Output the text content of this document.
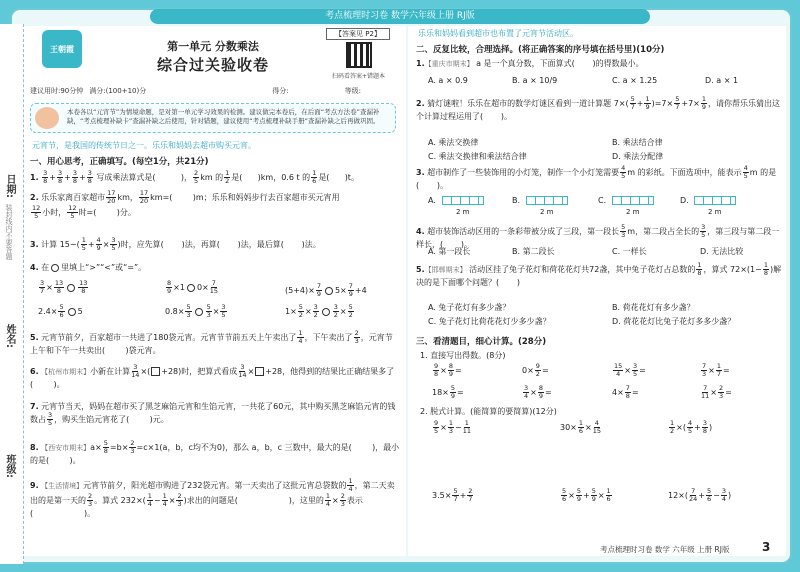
考点梳理时习卷 数学六年级上册 RJ版
日期:
装封线内不要答题
姓名:
班级:
王朝霞
【答案见 P2】
第一单元 分数乘法
综合过关验收卷
扫码看答案+错题本
建议用时:90分钟 满分:(100+10)分	得分:	等级:
本卷各以“元宵节”为情境命题，是对第一单元学习效果的检测。建议做完本卷后，在后面“考点方法卷”查漏补缺，“考点梳理补缺卡”查漏补缺之后使用，针对错题，建议使用“考点梳理补缺手册”查漏补缺之后再做巩固。
元宵节，是我国的传统节日之一。乐乐和妈妈去超市购买元宵。
一、用心思考，正确填写。(每空1分，共21分)
1. $\frac{3}{8} + \frac{3}{8} + \frac{3}{8} + \frac{3}{8}$ 写成乘法算式是(          )， $\frac{2}{5}$ km 的 $\frac{1}{2}$ 是(      )km，0.6 t 的 $\frac{1}{6}$ 是(      )t。
2. 乐乐家离百家超市 $\frac{17}{20}$ km， $\frac{17}{20} km=$(        )m；乐乐和妈妈步行去百家超市买元宵用

$\frac{12}{5}$ 小时， $\frac{12}{5}$ 时=(        )分。
3. 计算 $15-( \frac{1}{5} + \frac{4}{9} \times \frac{3}{5}$ )时，应先算(       )法，再算(       )法，最后算(       )法。
4. 在 里填上“>”“<”或“=”。
$\frac{3}{7} \times \frac{13}{8} \frac{13}{8}$	$\frac{8}{9} \times 1$ $0\times \frac{7}{15}$	$(5+4)\times \frac{7}{9} 5\times \frac{7}{9} +4$
$2.4\times \frac{5}{6} 5$	$0.8\times \frac{5}{3} \frac{5}{3} \times \frac{3}{5}$	$1\times \frac{5}{2} \times \frac{3}{2} \frac{3}{2} \times \frac{5}{2}$
5. 元宵节前夕，百家超市一共进了180袋元宵。元宵节节前五天上午卖出了 $\frac{1}{4}$ ，下午卖出了 $\frac{2}{3}$ ，元宵节上午和下午一共卖出(        )袋元宵。
6. 【杭州市期末】小新在计算 $\frac{3}{14}$ ×( +28)时，把算式看成 $\frac{3}{14} \times +28$，他得到的结果比正确结果多了(        )。
7. 元宵节当天，妈妈在超市买了黑芝麻馅元宵和生馅元宵，一共花了60元，其中购买黑芝麻馅元宵的钱数占 $\frac{3}{5}$ ，购买生馅元宵花了(        )元。
8. 【西安市期末】$a\times \frac{5}{8} =b\times \frac{2}{3} =c\times 1(a$，b，c均不为0)，那么 a，b，c 三数中，最大的是(        )，最小的是(        )。
9. 【生活情境】元宵节前夕，阳光超市购进了232袋元宵。第一天卖出了这批元宵总袋数的 $\frac{1}{4}$ ，第二天卖出的是第一天的 $\frac{2}{3}$ 。算式 $232\times( \frac{1}{4} - \frac{1}{4} \times \frac{2}{3}$ )求出的问题是(                    )，这里的 $\frac{1}{4} \times \frac{2}{3}$ 表示(                    )。
乐乐和妈妈看到超市也布置了元宵节活动区。
二、反复比较，合理选择。(将正确答案的序号填在括号里)(10分)
1.【重庆市期末】 a 是一个真分数，下面算式(       )的得数最小。
A. a × 0.9	B. a × 10/9	C. a × 1.25	D. a × 1
2. 猜灯谜啦！乐乐在超市的数学灯谜区看到一道计算题 $7\times( \frac{5}{7} + \frac{1}{9} )=7\times \frac{5}{7} +7\times \frac{1}{9}$ ，请你帮乐乐猜出这个计算过程运用了(       )。
A. 乘法交换律	B. 乘法结合律
C. 乘法交换律和乘法结合律	D. 乘法分配律
3. 超市制作了一些装饰用的小灯笼，制作一个小灯笼需要 $\frac{4}{5}$ m 的彩纸。下面选项中，能表示 $\frac{4}{5}$ m 的是(       )。
A.
2 m
B.
2 m
C.
2 m
D.
2 m
4. 超市装饰活动区用的一条彩带被分成了三段，第一段长 $\frac{5}{3}$ m，第二段占全长的 $\frac{3}{5}$ ，第三段与第二段一样长，(       )。
A. 第一段长	B. 第二段长	C. 一样长	D. 无法比较
5.【邯郸期末】 活动区挂了兔子花灯和荷花花灯共72盏，其中兔子花灯占总数的 $\frac{1}{8}$ ，算式 $72\times(1- \frac{1}{8}$ )解决的是下面哪个问题？(       )
A. 兔子花灯有多少盏？	B. 荷花花灯有多少盏？
C. 兔子花灯比荷花花灯少多少盏？	D. 荷花花灯比兔子花灯多多少盏？
三、看清题目，细心计算。(28分)
1. 直接写出得数。(8分)
$\frac{9}{8} \times \frac{8}{9}$ =	$0\times \frac{9}{2}$ =	$\frac{15}{4} \times \frac{3}{5}$ =	$\frac{7}{3} \times \frac{1}{7}$ =
$18\times \frac{5}{9}$ =	$\frac{3}{4} \times \frac{8}{9}$ =	$4\times \frac{7}{8}$ =	$\frac{7}{11} \times \frac{2}{3}$ =
2. 脱式计算。(能简算的要简算)(12分)
$\frac{9}{5} \times \frac{1}{3} - \frac{1}{11}$	$30\times \frac{1}{6} \times \frac{4}{15}$	$\frac{1}{2}$ ×( $\frac{4}{5} + \frac{3}{8}$ )
$3.5\times \frac{5}{7} + \frac{2}{7}$	$\frac{5}{6} \times \frac{5}{9} + \frac{5}{9} \times \frac{1}{6}$	$12\times( \frac{7}{24} + \frac{5}{6} - \frac{3}{4}$ )
考点梳理时习卷 数学 六年级 上册 RJ版	3
